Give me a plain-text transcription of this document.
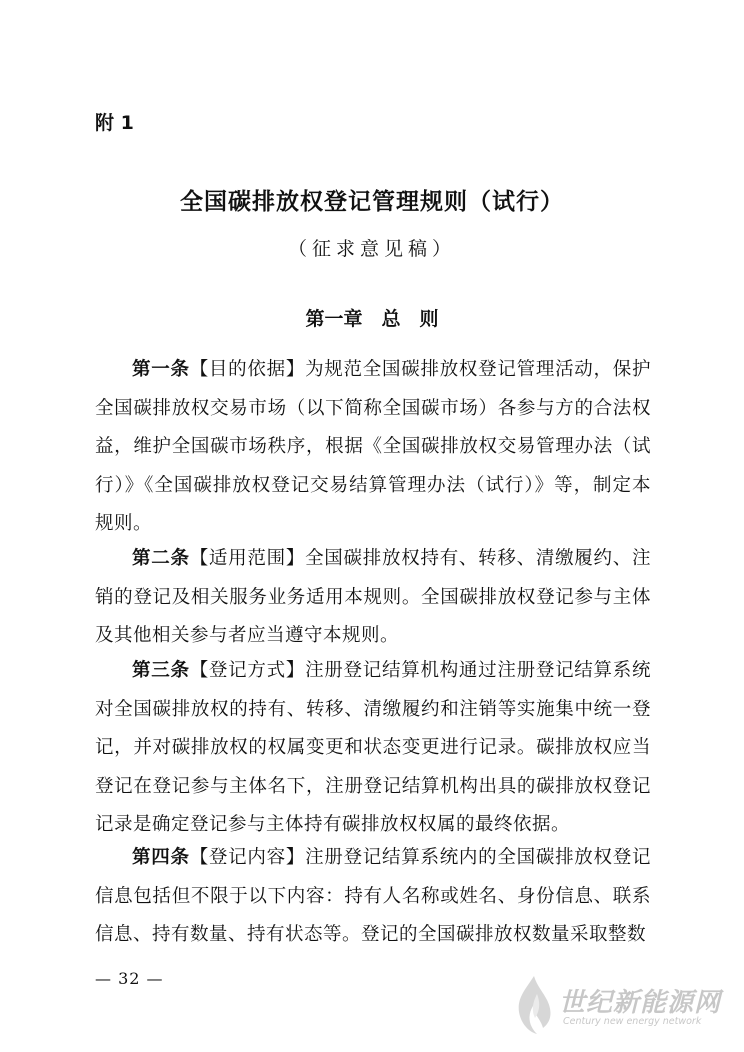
附 1
全国碳排放权登记管理规则（试行）
（征求意见稿）
第一章　总　则

第一条【目的依据】为规范全国碳排放权登记管理活动，保护全国碳排放权交易市场（以下简称全国碳市场）各参与方的合法权益，维护全国碳市场秩序，根据《全国碳排放权交易管理办法（试行）》《全国碳排放权登记交易结算管理办法（试行）》等，制定本规则。

第二条【适用范围】全国碳排放权持有、转移、清缴履约、注销的登记及相关服务业务适用本规则。全国碳排放权登记参与主体及其他相关参与者应当遵守本规则。

第三条【登记方式】注册登记结算机构通过注册登记结算系统对全国碳排放权的持有、转移、清缴履约和注销等实施集中统一登记，并对碳排放权的权属变更和状态变更进行记录。碳排放权应当登记在登记参与主体名下，注册登记结算机构出具的碳排放权登记记录是确定登记参与主体持有碳排放权权属的最终依据。

第四条【登记内容】注册登记结算系统内的全国碳排放权登记信息包括但不限于以下内容：持有人名称或姓名、身份信息、联系信息、持有数量、持有状态等。登记的全国碳排放权数量采取整数

— 32 —
世纪新能源网
Century new energy network
